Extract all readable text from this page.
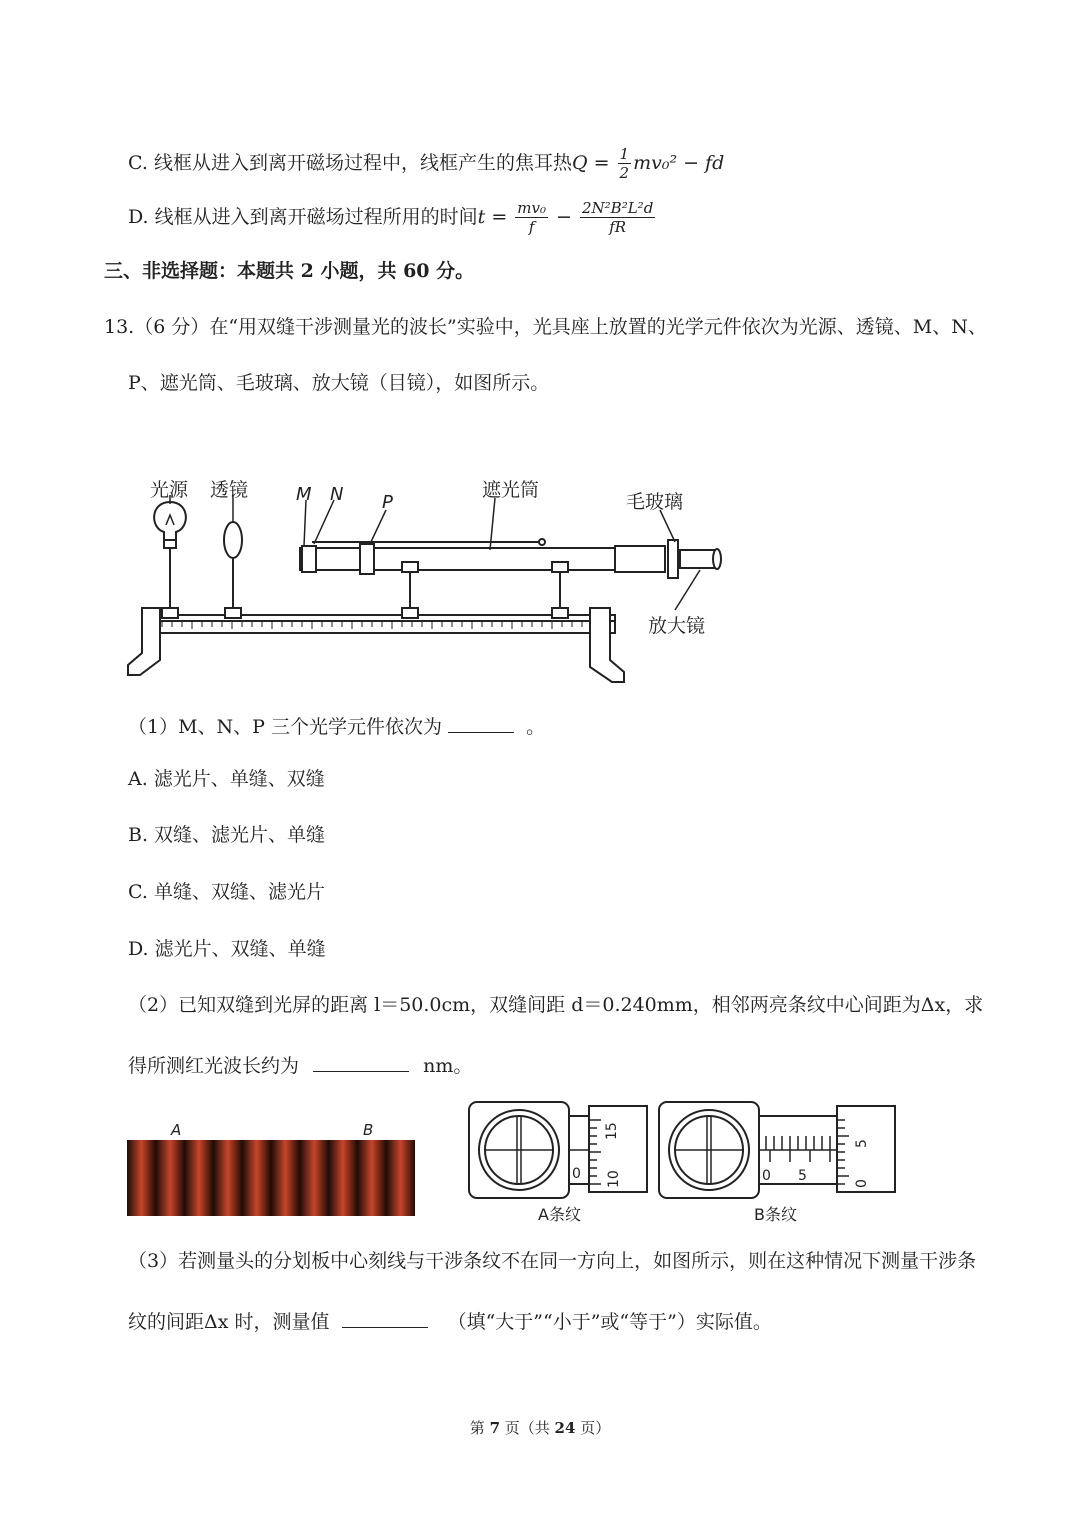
C. 线框从进入到离开磁场过程中，线框产生的焦耳热$Q = \frac{1}{2} mv_0^2$ − fd
D. 线框从进入到离开磁场过程所用的时间$t = \frac{\text{mv₀}}{f} - \frac{\text{2N²B²L²d}}{fR}$
三、非选择题：本题共 2 小题，共 60 分。
13.（6 分）在“用双缝干涉测量光的波长”实验中，光具座上放置的光学元件依次为光源、透镜、M、N、
P、遮光筒、毛玻璃、放大镜（目镜），如图所示。
光源 透镜	M N P
遮光筒
毛玻璃
放大镜
（1）M、N、P 三个光学元件依次为	。
A. 滤光片、单缝、双缝
B. 双缝、滤光片、单缝
C. 单缝、双缝、滤光片
D. 滤光片、双缝、单缝
（2）已知双缝到光屏的距离 l＝50.0cm，双缝间距 d＝0.240mm，相邻两亮条纹中心间距为Δx，求
得所测红光波长约为	nm。
A	B	15
0 10
A条纹
5
0 5	0
B条纹
（3）若测量头的分划板中心刻线与干涉条纹不在同一方向上，如图所示，则在这种情况下测量干涉条
纹的间距Δx 时，测量值	（填“大于”“小于”或“等于”）实际值。
第 7 页（共 24 页）
